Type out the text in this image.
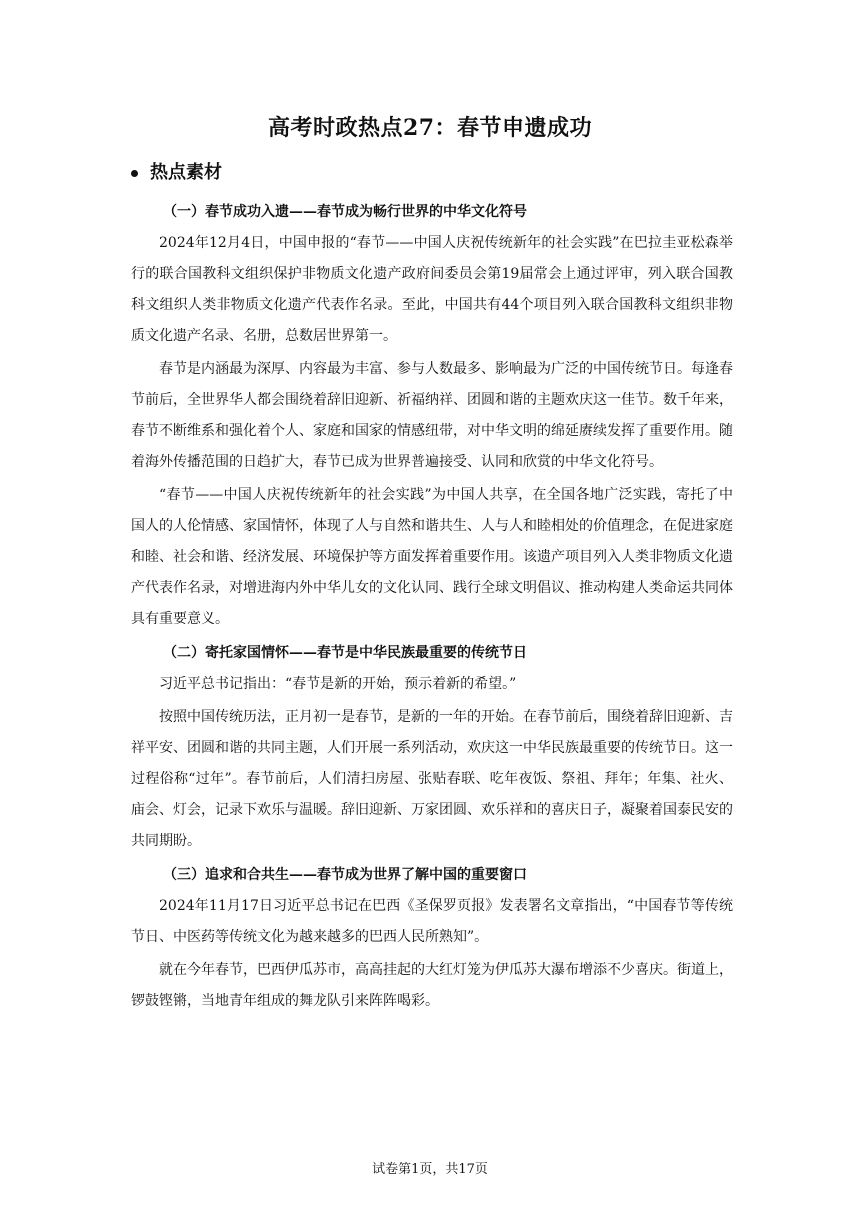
高考时政热点27：春节申遗成功
热点素材

（一）春节成功入遗——春节成为畅行世界的中华文化符号

2024年12月4日，中国申报的“春节——中国人庆祝传统新年的社会实践”在巴拉圭亚松森举行的联合国教科文组织保护非物质文化遗产政府间委员会第19届常会上通过评审，列入联合国教科文组织人类非物质文化遗产代表作名录。至此，中国共有44个项目列入联合国教科文组织非物质文化遗产名录、名册，总数居世界第一。

春节是内涵最为深厚、内容最为丰富、参与人数最多、影响最为广泛的中国传统节日。每逢春节前后，全世界华人都会围绕着辞旧迎新、祈福纳祥、团圆和谐的主题欢庆这一佳节。数千年来，春节不断维系和强化着个人、家庭和国家的情感纽带，对中华文明的绵延赓续发挥了重要作用。随着海外传播范围的日趋扩大，春节已成为世界普遍接受、认同和欣赏的中华文化符号。

“春节——中国人庆祝传统新年的社会实践”为中国人共享，在全国各地广泛实践，寄托了中国人的人伦情感、家国情怀，体现了人与自然和谐共生、人与人和睦相处的价值理念，在促进家庭和睦、社会和谐、经济发展、环境保护等方面发挥着重要作用。该遗产项目列入人类非物质文化遗产代表作名录，对增进海内外中华儿女的文化认同、践行全球文明倡议、推动构建人类命运共同体具有重要意义。

（二）寄托家国情怀——春节是中华民族最重要的传统节日

习近平总书记指出：“春节是新的开始，预示着新的希望。”

按照中国传统历法，正月初一是春节，是新的一年的开始。在春节前后，围绕着辞旧迎新、吉祥平安、团圆和谐的共同主题，人们开展一系列活动，欢庆这一中华民族最重要的传统节日。这一过程俗称“过年”。春节前后，人们清扫房屋、张贴春联、吃年夜饭、祭祖、拜年；年集、社火、庙会、灯会，记录下欢乐与温暖。辞旧迎新、万家团圆、欢乐祥和的喜庆日子，凝聚着国泰民安的共同期盼。

（三）追求和合共生——春节成为世界了解中国的重要窗口

2024年11月17日习近平总书记在巴西《圣保罗页报》发表署名文章指出，“中国春节等传统节日、中医药等传统文化为越来越多的巴西人民所熟知”。

就在今年春节，巴西伊瓜苏市，高高挂起的大红灯笼为伊瓜苏大瀑布增添不少喜庆。街道上，锣鼓铿锵，当地青年组成的舞龙队引来阵阵喝彩。

试卷第1页，共17页
